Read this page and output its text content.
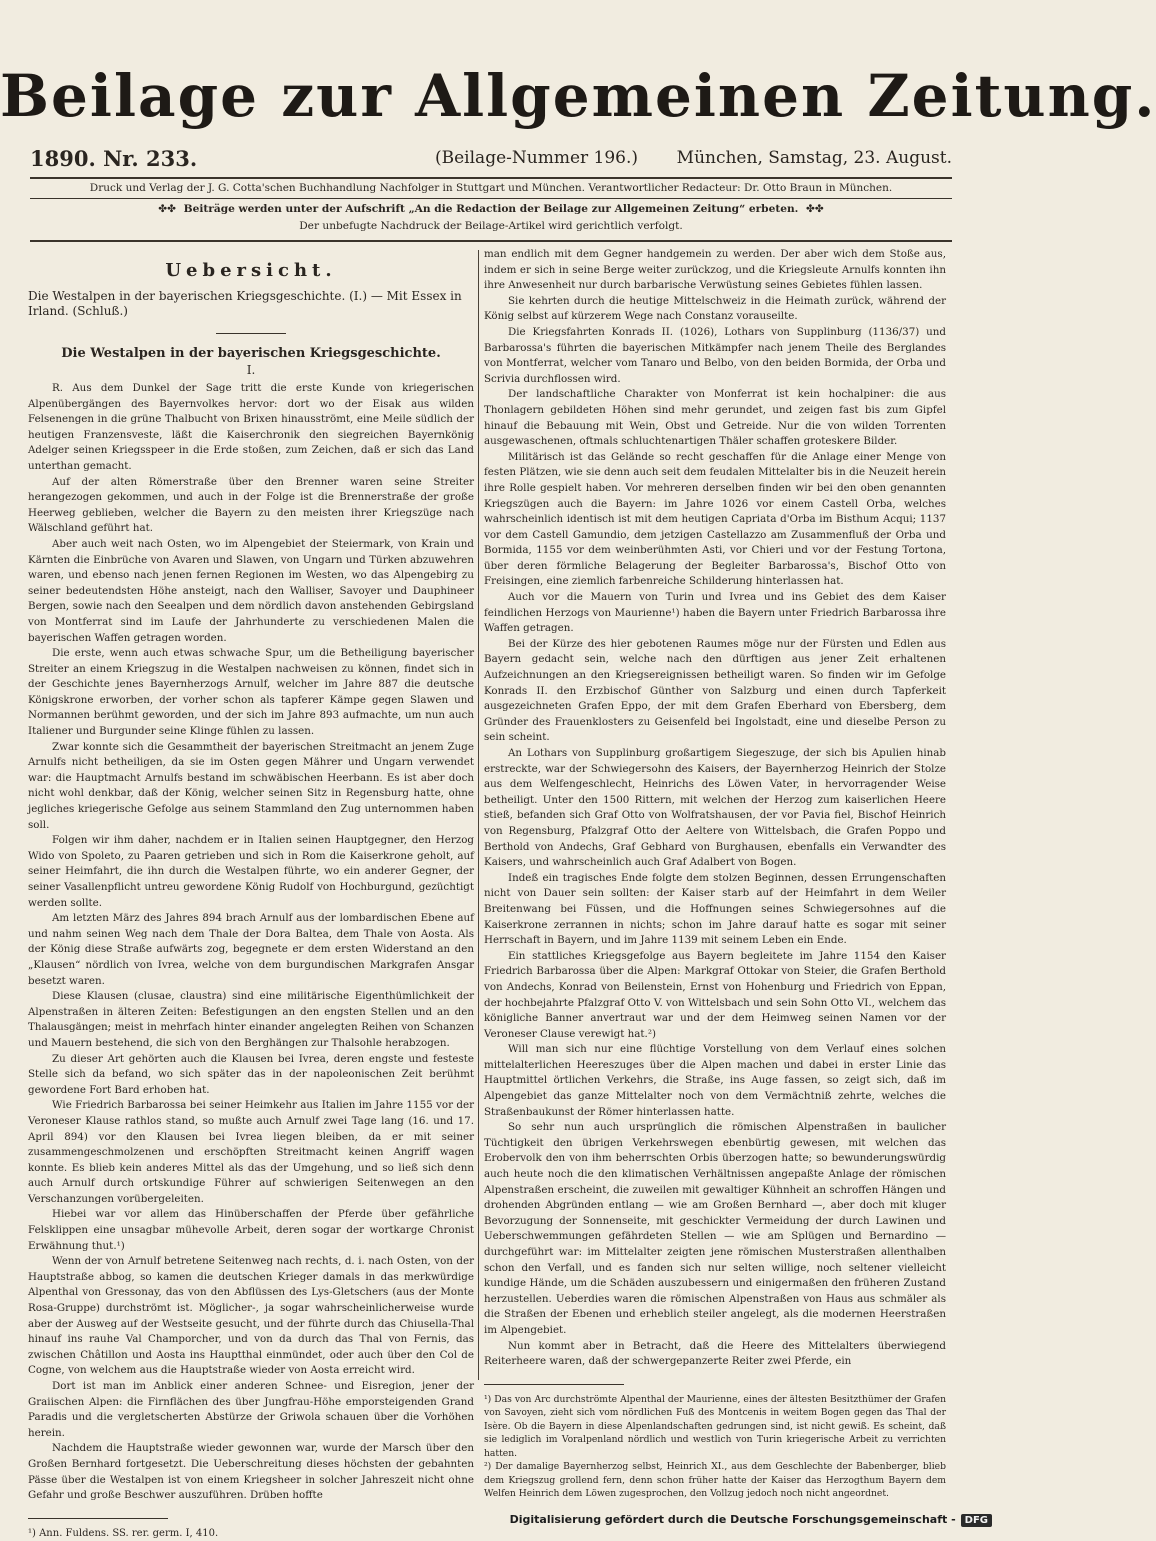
Beilage zur Allgemeinen Zeitung.
1890. Nr. 233.	(Beilage-Nummer 196.) München, Samstag, 23. August.
Druck und Verlag der J. G. Cotta'schen Buchhandlung Nachfolger in Stuttgart und München. Verantwortlicher Redacteur: Dr. Otto Braun in München.
✤✤ Beiträge werden unter der Aufschrift „An die Redaction der Beilage zur Allgemeinen Zeitung“ erbeten. ✤✤
Der unbefugte Nachdruck der Beilage-Artikel wird gerichtlich verfolgt.
Uebersicht.

Die Westalpen in der bayerischen Kriegsgeschichte. (I.) — Mit Essex in Irland. (Schluß.)

Die Westalpen in der bayerischen Kriegsgeschichte.
I.

R. Aus dem Dunkel der Sage tritt die erste Kunde von kriegerischen Alpenübergängen des Bayernvolkes hervor: dort wo der Eisak aus wilden Felsenengen in die grüne Thalbucht von Brixen hinausströmt, eine Meile südlich der heutigen Franzensveste, läßt die Kaiserchronik den siegreichen Bayernkönig Adelger seinen Kriegsspeer in die Erde stoßen, zum Zeichen, daß er sich das Land unterthan gemacht.

Auf der alten Römerstraße über den Brenner waren seine Streiter herangezogen gekommen, und auch in der Folge ist die Brennerstraße der große Heerweg geblieben, welcher die Bayern zu den meisten ihrer Kriegszüge nach Wälschland geführt hat.

Aber auch weit nach Osten, wo im Alpengebiet der Steiermark, von Krain und Kärnten die Einbrüche von Avaren und Slawen, von Ungarn und Türken abzuwehren waren, und ebenso nach jenen fernen Regionen im Westen, wo das Alpengebirg zu seiner bedeutendsten Höhe ansteigt, nach den Walliser, Savoyer und Dauphineer Bergen, sowie nach den Seealpen und dem nördlich davon anstehenden Gebirgsland von Montferrat sind im Laufe der Jahrhunderte zu verschiedenen Malen die bayerischen Waffen getragen worden.

Die erste, wenn auch etwas schwache Spur, um die Betheiligung bayerischer Streiter an einem Kriegszug in die Westalpen nachweisen zu können, findet sich in der Geschichte jenes Bayernherzogs Arnulf, welcher im Jahre 887 die deutsche Königskrone erworben, der vorher schon als tapferer Kämpe gegen Slawen und Normannen berühmt geworden, und der sich im Jahre 893 aufmachte, um nun auch Italiener und Burgunder seine Klinge fühlen zu lassen.

Zwar konnte sich die Gesammtheit der bayerischen Streitmacht an jenem Zuge Arnulfs nicht betheiligen, da sie im Osten gegen Mährer und Ungarn verwendet war: die Hauptmacht Arnulfs bestand im schwäbischen Heerbann. Es ist aber doch nicht wohl denkbar, daß der König, welcher seinen Sitz in Regensburg hatte, ohne jegliches kriegerische Gefolge aus seinem Stammland den Zug unternommen haben soll.

Folgen wir ihm daher, nachdem er in Italien seinen Hauptgegner, den Herzog Wido von Spoleto, zu Paaren getrieben und sich in Rom die Kaiserkrone geholt, auf seiner Heimfahrt, die ihn durch die Westalpen führte, wo ein anderer Gegner, der seiner Vasallenpflicht untreu gewordene König Rudolf von Hochburgund, gezüchtigt werden sollte.

Am letzten März des Jahres 894 brach Arnulf aus der lombardischen Ebene auf und nahm seinen Weg nach dem Thale der Dora Baltea, dem Thale von Aosta. Als der König diese Straße aufwärts zog, begegnete er dem ersten Widerstand an den „Klausen“ nördlich von Ivrea, welche von dem burgundischen Markgrafen Ansgar besetzt waren.

Diese Klausen (clusae, claustra) sind eine militärische Eigenthümlichkeit der Alpenstraßen in älteren Zeiten: Befestigungen an den engsten Stellen und an den Thalausgängen; meist in mehrfach hinter einander angelegten Reihen von Schanzen und Mauern bestehend, die sich von den Berghängen zur Thalsohle herabzogen.

Zu dieser Art gehörten auch die Klausen bei Ivrea, deren engste und festeste Stelle sich da befand, wo sich später das in der napoleonischen Zeit berühmt gewordene Fort Bard erhoben hat.

Wie Friedrich Barbarossa bei seiner Heimkehr aus Italien im Jahre 1155 vor der Veroneser Klause rathlos stand, so mußte auch Arnulf zwei Tage lang (16. und 17. April 894) vor den Klausen bei Ivrea liegen bleiben, da er mit seiner zusammengeschmolzenen und erschöpften Streitmacht keinen Angriff wagen konnte. Es blieb kein anderes Mittel als das der Umgehung, und so ließ sich denn auch Arnulf durch ortskundige Führer auf schwierigen Seitenwegen an den Verschanzungen vorübergeleiten.

Hiebei war vor allem das Hinüberschaffen der Pferde über gefährliche Felsklippen eine unsagbar mühevolle Arbeit, deren sogar der wortkarge Chronist Erwähnung thut.¹)

Wenn der von Arnulf betretene Seitenweg nach rechts, d. i. nach Osten, von der Hauptstraße abbog, so kamen die deutschen Krieger damals in das merkwürdige Alpenthal von Gressonay, das von den Abflüssen des Lys-Gletschers (aus der Monte Rosa-Gruppe) durchströmt ist. Möglicher-, ja sogar wahrscheinlicherweise wurde aber der Ausweg auf der Westseite gesucht, und der führte durch das Chiusella-Thal hinauf ins rauhe Val Champorcher, und von da durch das Thal von Fernis, das zwischen Châtillon und Aosta ins Hauptthal einmündet, oder auch über den Col de Cogne, von welchem aus die Hauptstraße wieder von Aosta erreicht wird.

Dort ist man im Anblick einer anderen Schnee- und Eisregion, jener der Graiischen Alpen: die Firnflächen des über Jungfrau-Höhe emporsteigenden Grand Paradis und die vergletscherten Abstürze der Griwola schauen über die Vorhöhen herein.

Nachdem die Hauptstraße wieder gewonnen war, wurde der Marsch über den Großen Bernhard fortgesetzt. Die Ueberschreitung dieses höchsten der gebahnten Pässe über die Westalpen ist von einem Kriegsheer in solcher Jahreszeit nicht ohne Gefahr und große Beschwer auszuführen. Drüben hoffte

¹) Ann. Fuldens. SS. rer. germ. I, 410.

man endlich mit dem Gegner handgemein zu werden. Der aber wich dem Stoße aus, indem er sich in seine Berge weiter zurückzog, und die Kriegsleute Arnulfs konnten ihn ihre Anwesenheit nur durch barbarische Verwüstung seines Gebietes fühlen lassen.

Sie kehrten durch die heutige Mittelschweiz in die Heimath zurück, während der König selbst auf kürzerem Wege nach Constanz vorauseilte.

Die Kriegsfahrten Konrads II. (1026), Lothars von Supplinburg (1136/37) und Barbarossa's führten die bayerischen Mitkämpfer nach jenem Theile des Berglandes von Montferrat, welcher vom Tanaro und Belbo, von den beiden Bormida, der Orba und Scrivia durchflossen wird.

Der landschaftliche Charakter von Monferrat ist kein hochalpiner: die aus Thonlagern gebildeten Höhen sind mehr gerundet, und zeigen fast bis zum Gipfel hinauf die Bebauung mit Wein, Obst und Getreide. Nur die von wilden Torrenten ausgewaschenen, oftmals schluchtenartigen Thäler schaffen groteskere Bilder.

Militärisch ist das Gelände so recht geschaffen für die Anlage einer Menge von festen Plätzen, wie sie denn auch seit dem feudalen Mittelalter bis in die Neuzeit herein ihre Rolle gespielt haben. Vor mehreren derselben finden wir bei den oben genannten Kriegszügen auch die Bayern: im Jahre 1026 vor einem Castell Orba, welches wahrscheinlich identisch ist mit dem heutigen Capriata d'Orba im Bisthum Acqui; 1137 vor dem Castell Gamundio, dem jetzigen Castellazzo am Zusammenfluß der Orba und Bormida, 1155 vor dem weinberühmten Asti, vor Chieri und vor der Festung Tortona, über deren förmliche Belagerung der Begleiter Barbarossa's, Bischof Otto von Freisingen, eine ziemlich farbenreiche Schilderung hinterlassen hat.

Auch vor die Mauern von Turin und Ivrea und ins Gebiet des dem Kaiser feindlichen Herzogs von Maurienne¹) haben die Bayern unter Friedrich Barbarossa ihre Waffen getragen.

Bei der Kürze des hier gebotenen Raumes möge nur der Fürsten und Edlen aus Bayern gedacht sein, welche nach den dürftigen aus jener Zeit erhaltenen Aufzeichnungen an den Kriegsereignissen betheiligt waren. So finden wir im Gefolge Konrads II. den Erzbischof Günther von Salzburg und einen durch Tapferkeit ausgezeichneten Grafen Eppo, der mit dem Grafen Eberhard von Ebersberg, dem Gründer des Frauenklosters zu Geisenfeld bei Ingolstadt, eine und dieselbe Person zu sein scheint.

An Lothars von Supplinburg großartigem Siegeszuge, der sich bis Apulien hinab erstreckte, war der Schwiegersohn des Kaisers, der Bayernherzog Heinrich der Stolze aus dem Welfengeschlecht, Heinrichs des Löwen Vater, in hervorragender Weise betheiligt. Unter den 1500 Rittern, mit welchen der Herzog zum kaiserlichen Heere stieß, befanden sich Graf Otto von Wolfratshausen, der vor Pavia fiel, Bischof Heinrich von Regensburg, Pfalzgraf Otto der Aeltere von Wittelsbach, die Grafen Poppo und Berthold von Andechs, Graf Gebhard von Burghausen, ebenfalls ein Verwandter des Kaisers, und wahrscheinlich auch Graf Adalbert von Bogen.

Indeß ein tragisches Ende folgte dem stolzen Beginnen, dessen Errungenschaften nicht von Dauer sein sollten: der Kaiser starb auf der Heimfahrt in dem Weiler Breitenwang bei Füssen, und die Hoffnungen seines Schwiegersohnes auf die Kaiserkrone zerrannen in nichts; schon im Jahre darauf hatte es sogar mit seiner Herrschaft in Bayern, und im Jahre 1139 mit seinem Leben ein Ende.

Ein stattliches Kriegsgefolge aus Bayern begleitete im Jahre 1154 den Kaiser Friedrich Barbarossa über die Alpen: Markgraf Ottokar von Steier, die Grafen Berthold von Andechs, Konrad von Beilenstein, Ernst von Hohenburg und Friedrich von Eppan, der hochbejahrte Pfalzgraf Otto V. von Wittelsbach und sein Sohn Otto VI., welchem das königliche Banner anvertraut war und der dem Heimweg seinen Namen vor der Veroneser Clause verewigt hat.²)

Will man sich nur eine flüchtige Vorstellung von dem Verlauf eines solchen mittelalterlichen Heereszuges über die Alpen machen und dabei in erster Linie das Hauptmittel örtlichen Verkehrs, die Straße, ins Auge fassen, so zeigt sich, daß im Alpengebiet das ganze Mittelalter noch von dem Vermächtniß zehrte, welches die Straßenbaukunst der Römer hinterlassen hatte.

So sehr nun auch ursprünglich die römischen Alpenstraßen in baulicher Tüchtigkeit den übrigen Verkehrswegen ebenbürtig gewesen, mit welchen das Erobervolk den von ihm beherrschten Orbis überzogen hatte; so bewunderungswürdig auch heute noch die den klimatischen Verhältnissen angepaßte Anlage der römischen Alpenstraßen erscheint, die zuweilen mit gewaltiger Kühnheit an schroffen Hängen und drohenden Abgründen entlang — wie am Großen Bernhard —, aber doch mit kluger Bevorzugung der Sonnenseite, mit geschickter Vermeidung der durch Lawinen und Ueberschwemmungen gefährdeten Stellen — wie am Splügen und Bernardino — durchgeführt war: im Mittelalter zeigten jene römischen Musterstraßen allenthalben schon den Verfall, und es fanden sich nur selten willige, noch seltener vielleicht kundige Hände, um die Schäden auszubessern und einigermaßen den früheren Zustand herzustellen. Ueberdies waren die römischen Alpenstraßen von Haus aus schmäler als die Straßen der Ebenen und erheblich steiler angelegt, als die modernen Heerstraßen im Alpengebiet.

Nun kommt aber in Betracht, daß die Heere des Mittelalters überwiegend Reiterheere waren, daß der schwergepanzerte Reiter zwei Pferde, ein

¹) Das von Arc durchströmte Alpenthal der Maurienne, eines der ältesten Besitzthümer der Grafen von Savoyen, zieht sich vom nördlichen Fuß des Montcenis in weitem Bogen gegen das Thal der Isère. Ob die Bayern in diese Alpenlandschaften gedrungen sind, ist nicht gewiß. Es scheint, daß sie lediglich im Voralpenland nördlich und westlich von Turin kriegerische Arbeit zu verrichten hatten.

²) Der damalige Bayernherzog selbst, Heinrich XI., aus dem Geschlechte der Babenberger, blieb dem Kriegszug grollend fern, denn schon früher hatte der Kaiser das Herzogthum Bayern dem Welfen Heinrich dem Löwen zugesprochen, den Vollzug jedoch noch nicht angeordnet.

Digitalisierung gefördert durch die Deutsche Forschungsgemeinschaft - DFG
